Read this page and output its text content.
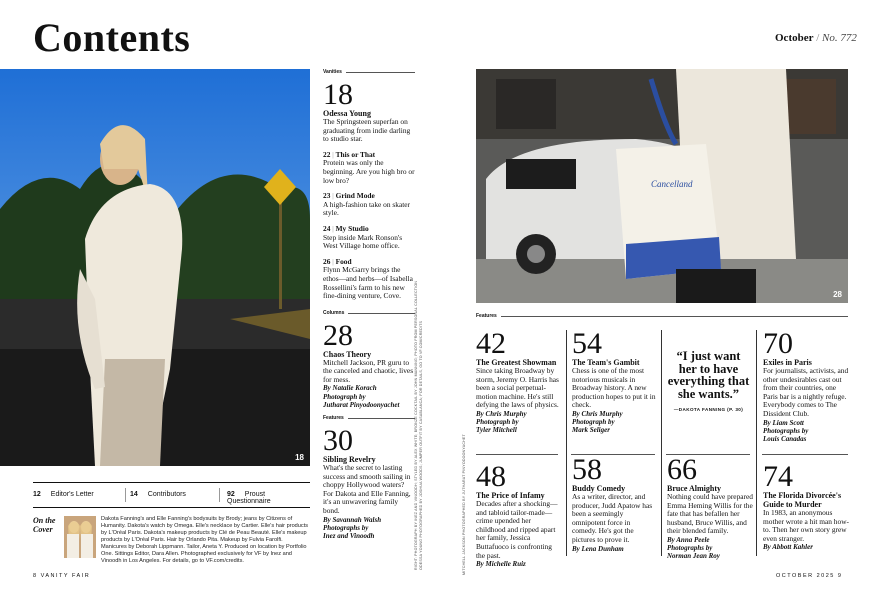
Contents	October / No. 772
18
12 Editor's Letter	14 Contributors	92 Proust Questionnaire
On the
Cover
Dakota Fanning's and Elle Fanning's bodysuits by Brody; jeans by Citizens of Humanity. Dakota's watch by Omega. Elle's necklace by Cartier. Elle's hair products by L'Oréal Paris. Dakota's makeup products by Clé de Peau Beauté. Elle's makeup products by L'Oréal Paris. Hair by Orlando Pita. Makeup by Fulvia Farolfi. Manicures by Deborah Lippmann. Tailor, Aneta Y. Produced on location by Portfolio One. Sittings Editor, Dara Allen. Photographed exclusively for VF by Inez and Vinoodh in Los Angeles. For details, go to VF.com/credits.
8 VANITY FAIR	OCTOBER 2025 9
Vanities
18
Odessa Young
The Springsteen superfan on graduating from indie darling to studio star.
22 | This or That
Protein was only the beginning. Are you high bro or low bro?
23 | Grind Mode
A high-fashion take on skater style.
24 | My Studio
Step inside Mark Ronson's West Village home office.
26 | Food
Flynn McGarry brings the ethos—and herbs—of Isabella Rossellini's farm to his new fine-dining venture, Cove.
Columns
28
Chaos Theory
Mitchell Jackson, PR guru to the canceled and chaotic, lives for mess.
By Natalie Korach
Photograph by
Jutharat Pinyodoonyachet
Features
30
Sibling Revelry
What's the secret to lasting success and smooth sailing in choppy Hollywood waters? For Dakota and Elle Fanning, it's an unwavering family bond.
By Savannah Walsh
Photographs by
Inez and Vinoodh	RIGHT: PHOTOGRAPH BY INEZ AND VINOODH; STYLED BY ALEX WHITE; BRONZE COCKTAIL BY JOHN MANNING; PHOTO FROM PERSONAL COLLECTION ODESSA YOUNG PHOTOGRAPHED BY JOSHUA WOODS; JUMPER OUTFIT BY CASABLANCA; FOR DETAILS, GO TO VF.COM/CREDITS	MITCHELL JACKSON PHOTOGRAPHED BY JUTHARAT PINYODOONYACHET
Cancelland
28
Features
42
The Greatest Showman
Since taking Broadway by storm, Jeremy O. Harris has been a social perpetual-motion machine. He's still defying the laws of physics.
By Chris Murphy
Photograph by
Tyler Mitchell
54
The Team's Gambit
Chess is one of the most notorious musicals in Broadway history. A new production hopes to put it in check.
By Chris Murphy
Photograph by
Mark Seliger
“I just want her to have everything that she wants.”
—DAKOTA FANNING (P. 30)
70
Exiles in Paris
For journalists, activists, and other undesirables cast out from their countries, one Paris bar is a nightly refuge. Everybody comes to The Dissident Club.
By Liam Scott
Photographs by
Louis Canadas
48
The Price of Infamy
Decades after a shocking—and tabloid tailor-made—crime upended her childhood and ripped apart her family, Jessica Buttafuoco is confronting the past.
By Michelle Ruiz
58
Buddy Comedy
As a writer, director, and producer, Judd Apatow has been a seemingly omnipotent force in comedy. He's got the pictures to prove it.
By Lena Dunham
66
Bruce Almighty
Nothing could have prepared Emma Heming Willis for the fate that has befallen her husband, Bruce Willis, and their blended family.
By Anna Peele
Photographs by
Norman Jean Roy
74
The Florida Divorcée's Guide to Murder
In 1983, an anonymous mother wrote a hit man how-to. Then her own story grew even stranger.
By Abbott Kahler
